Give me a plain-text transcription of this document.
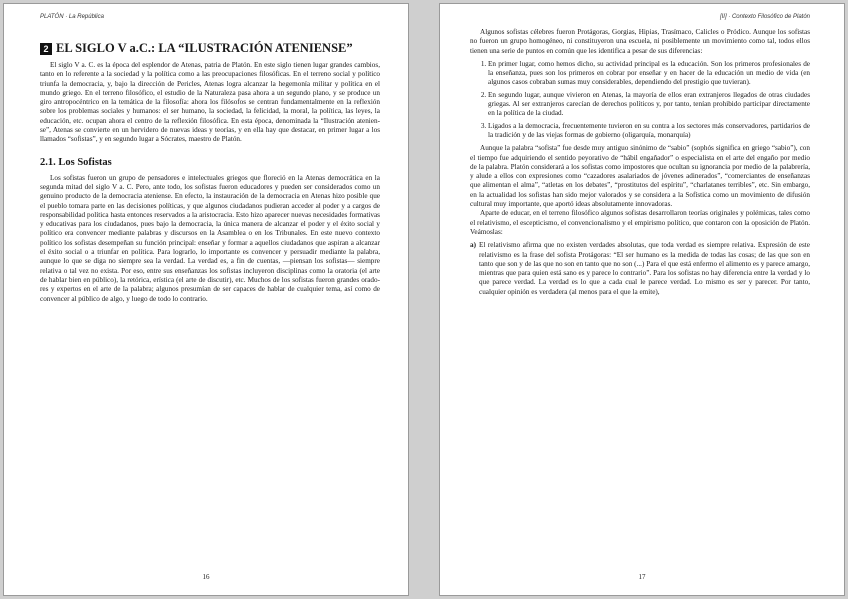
PLATÓN · La República
2 EL SIGLO V a.C.: LA “ILUSTRACIÓN ATENIENSE”

El siglo V a. C. es la época del esplendor de Atenas, patria de Platón. En este siglo tienen lugar grandes cambios, tanto en lo referente a la sociedad y la política como a las preocupaciones filosóficas. En el terreno social y político triunfa la democracia, y, bajo la dirección de Pericles, Atenas logra alcanzar la hegemonía militar y política en el mundo griego. En el terreno filosófico, el estudio de la Naturaleza pasa ahora a un segundo plano, y se produce un giro antropocéntrico en la temática de la filosofía: ahora los filósofos se centran fundamentalmente en la reflexión sobre los problemas sociales y humanos: el ser humano, la sociedad, la felicidad, la moral, la política, las leyes, la educación, etc. ocupan ahora el centro de la reflexión filosófica. En esta época, denominada la “Ilustración ateniense”, Atenas se convierte en un hervidero de nuevas ideas y teorías, y en ella hay que destacar, en primer lugar a los llamados “sofistas”, y en segundo lugar a Sócrates, maestro de Platón.

2.1. Los Sofistas

Los sofistas fueron un grupo de pensadores e intelectuales griegos que floreció en la Atenas democrática en la segunda mitad del siglo V a. C. Pero, ante todo, los sofistas fueron educadores y pueden ser considerados como un genuino producto de la democracia ateniense. En efecto, la instauración de la democracia en Atenas hizo posible que el pueblo tomara parte en las decisiones políticas, y que algunos ciudadanos pudieran acceder al poder y a cargos de responsabilidad política hasta entonces reservados a la aristocracia. Esto hizo aparecer nuevas necesidades formativas y educativas para los ciudadanos, pues bajo la democracia, la única manera de alcanzar el poder y el éxito social y político era convencer mediante palabras y discursos en la Asamblea o en los Tribunales. En este nuevo contexto político los sofistas desempeñan su función principal: enseñar y formar a aquellos ciudadanos que aspiran a alcanzar el éxito social o a triunfar en política. Para lograrlo, lo importante es convencer y persuadir mediante la palabra, aunque lo que se diga no siempre sea la verdad. La verdad es, a fin de cuentas, —piensan los sofistas— siempre relativa o tal vez no exista. Por eso, entre sus enseñanzas los sofistas incluyeron disciplinas como la oratoria (el arte de hablar bien en público), la retórica, erística (el arte de discutir), etc. Muchos de los sofistas fueron grandes oradores y expertos en el arte de la palabra; algunos presumían de ser capaces de hablar de cualquier tema, así como de convencer al público de algo, y luego de todo lo contrario.

16
[II] · Contexto Filosófico de Platón

Algunos sofistas célebres fueron Protágoras, Gorgias, Hipias, Trasímaco, Calicles o Pródico. Aunque los sofistas no fueron un grupo homogéneo, ni constituyeron una escuela, ni posiblemente un movimiento como tal, todos ellos tienen una serie de puntos en común que les identifica a pesar de sus diferencias:

1. En primer lugar, como hemos dicho, su actividad principal es la educación. Son los primeros profesionales de la enseñanza, pues son los primeros en cobrar por enseñar y en hacer de la educación un medio de vida (en algunos casos cobraban sumas muy considerables, dependiendo del prestigio que tuvieran).
2. En segundo lugar, aunque vivieron en Atenas, la mayoría de ellos eran extranjeros llegados de otras ciudades griegas. Al ser extranjeros carecían de derechos políticos y, por tanto, tenían prohibido participar directamente en la política de la ciudad.
3. Ligados a la democracia, frecuentemente tuvieron en su contra a los sectores más conservadores, partidarios de la tradición y de las viejas formas de gobierno (oligarquía, monarquía)

Aunque la palabra “sofista” fue desde muy antiguo sinónimo de “sabio” (sophós significa en griego “sabio”), con el tiempo fue adquiriendo el sentido peyorativo de “hábil engañador” o especialista en el arte del engaño por medio de la palabra. Platón considerará a los sofistas como impostores que ocultan su ignorancia por medio de la palabrería, y alude a ellos con expresiones como “cazadores asalariados de jóvenes adinerados”, “comerciantes de enseñanzas que alimentan el alma”, “atletas en los debates”, “prostitutos del espíritu”, “charlatanes terribles”, etc. Sin embargo, en la actualidad los sofistas han sido mejor valorados y se considera a la Sofística como un movimiento de difusión cultural muy importante, que aportó ideas absolutamente innovadoras.

Aparte de educar, en el terreno filosófico algunos sofistas desarrollaron teorías originales y polémicas, tales como el relativismo, el escepticismo, el convencionalismo y el empirismo político, que contaron con la oposición de Platón. Veámoslas:

a) El relativismo afirma que no existen verdades absolutas, que toda verdad es siempre relativa. Expresión de este relativismo es la frase del sofista Protágoras: “El ser humano es la medida de todas las cosas; de las que son en tanto que son y de las que no son en tanto que no son (...) Para el que está enfermo el alimento es y parece amargo, mientras que para quien está sano es y parece lo contrario”. Para los sofistas no hay diferencia entre la verdad y lo que parece verdad. La verdad es lo que a cada cual le parece verdad. Lo mismo es ser y parecer. Por tanto, cualquier opinión es verdadera (al menos para el que la emite),

17
